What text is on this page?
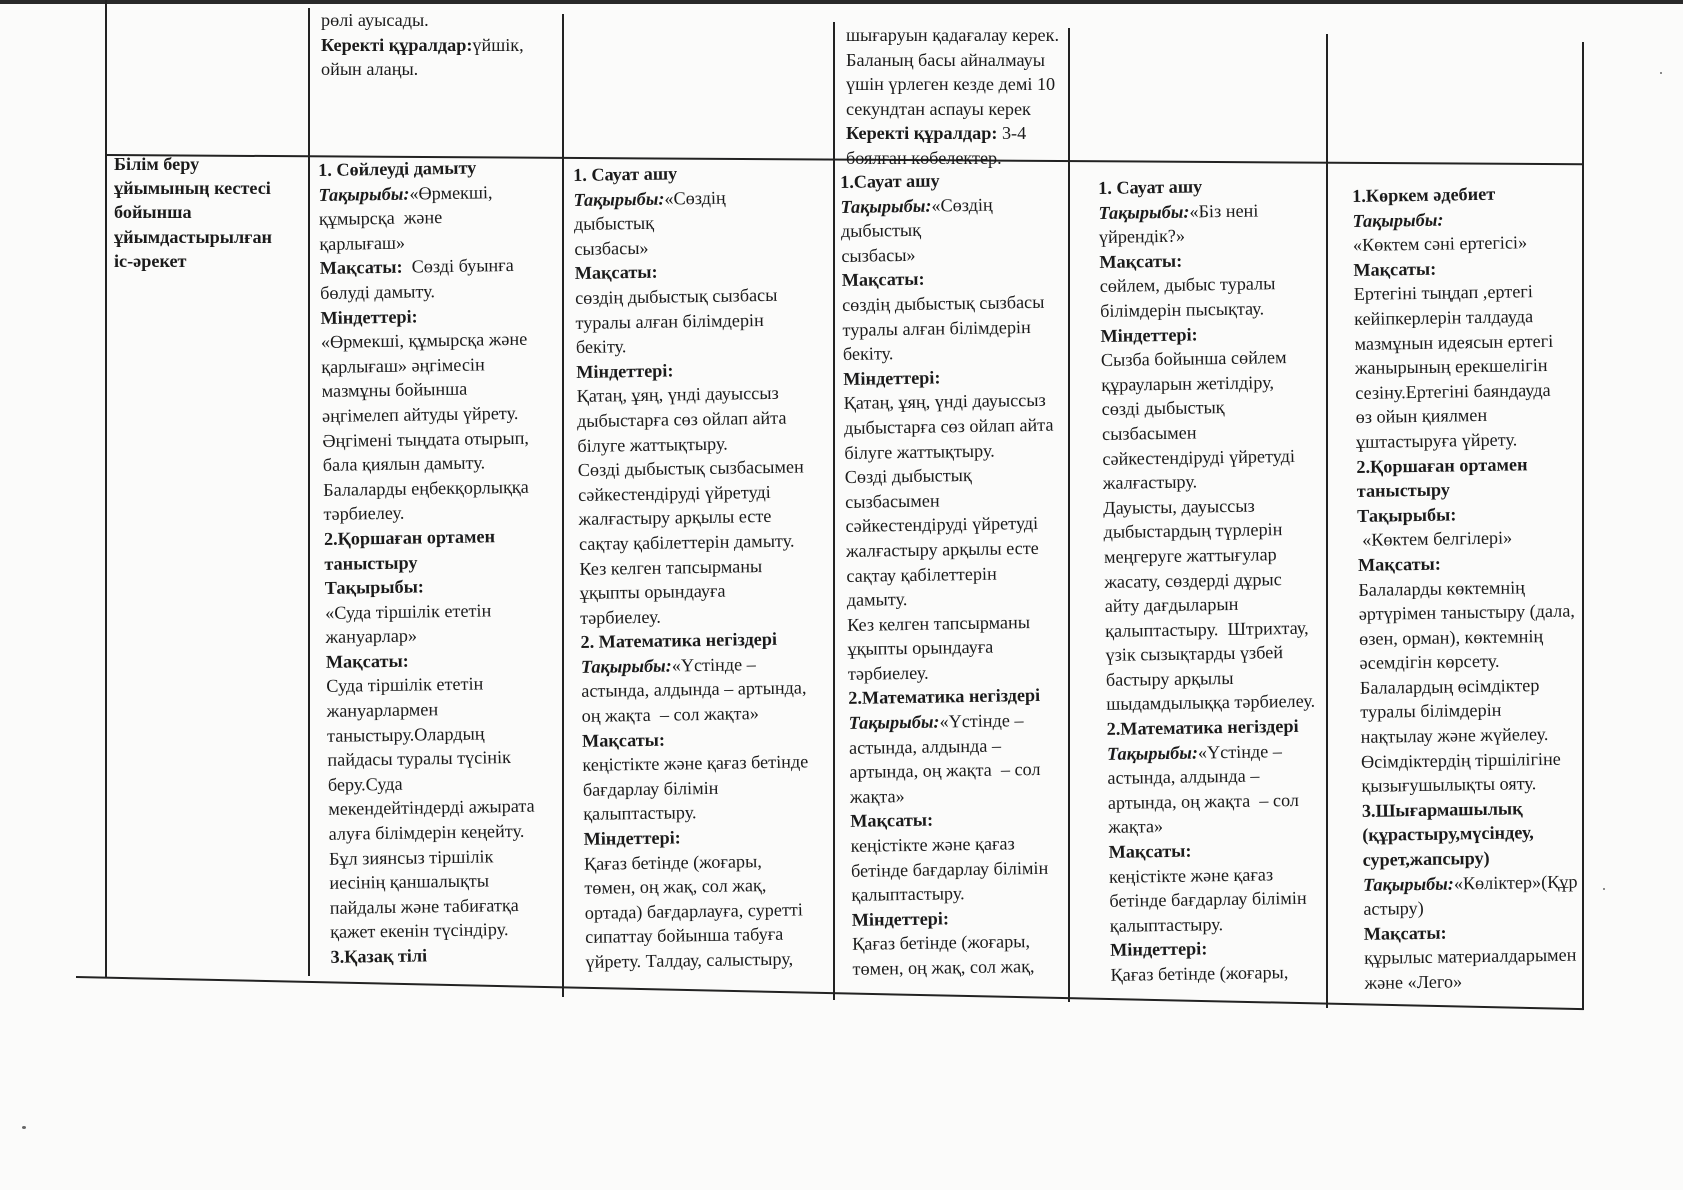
рөлі ауысады.
Керекті құралдар:үйшік,
ойын алаңы.
шығаруын қадағалау керек.
Баланың басы айналмауы
үшін үрлеген кезде демі 10
секундтан аспауы керек
Керекті құралдар: 3-4
боялған көбелектер.
Білім беру
ұйымының кестесі
бойынша
ұйымдастырылған
іс-әрекет
1. Сөйлеуді дамыту
Тақырыбы:«Өрмекші,
құмырсқа  және
қарлығаш»
Мақсаты:  Сөзді буынға
бөлуді дамыту.
Міндеттері:
«Өрмекші, құмырсқа және
қарлығаш» әңгімесін
мазмұны бойынша
әңгімелеп айтуды үйрету.
Әңгімені тыңдата отырып,
бала қиялын дамыту.
Балаларды еңбекқорлыққа
тәрбиелеу.
2.Қоршаған ортамен
таныстыру
Тақырыбы:
«Суда тіршілік ететін
жануарлар»
Мақсаты:
Суда тіршілік ететін
жануарлармен
таныстыру.Олардың
пайдасы туралы түсінік
беру.Суда
мекендейтіндерді ажырата
алуға білімдерін кеңейту.
Бұл зиянсыз тіршілік
иесінің қаншалықты
пайдалы және табиғатқа
қажет екенін түсіндіру.
3.Қазақ тілі
1. Сауат ашу
Тақырыбы:«Сөздің
дыбыстық
сызбасы»
Мақсаты:
сөздің дыбыстық сызбасы
туралы алған білімдерін
бекіту.
Міндеттері:
Қатаң, ұяң, үнді дауыссыз
дыбыстарға сөз ойлап айта
білуге жаттықтыру.
Сөзді дыбыстық сызбасымен
сәйкестендіруді үйретуді
жалғастыру арқылы есте
сақтау қабілеттерін дамыту.
Кез келген тапсырманы
ұқыпты орындауға
тәрбиелеу.
2. Математика негіздері
Тақырыбы:«Үстінде –
астында, алдында – артында,
оң жақта  – сол жақта»
Мақсаты:
кеңістікте және қағаз бетінде
бағдарлау білімін
қалыптастыру.
Міндеттері:
Қағаз бетінде (жоғары,
төмен, оң жақ, сол жақ,
ортада) бағдарлауға, суретті
сипаттау бойынша табуға
үйрету. Талдау, салыстыру,
1.Сауат ашу
Тақырыбы:«Сөздің
дыбыстық
сызбасы»
Мақсаты:
сөздің дыбыстық сызбасы
туралы алған білімдерін
бекіту.
Міндеттері:
Қатаң, ұяң, үнді дауыссыз
дыбыстарға сөз ойлап айта
білуге жаттықтыру.
Сөзді дыбыстық
сызбасымен
сәйкестендіруді үйретуді
жалғастыру арқылы есте
сақтау қабілеттерін
дамыту.
Кез келген тапсырманы
ұқыпты орындауға
тәрбиелеу.
2.Математика негіздері
Тақырыбы:«Үстінде –
астында, алдында –
артында, оң жақта  – сол
жақта»
Мақсаты:
кеңістікте және қағаз
бетінде бағдарлау білімін
қалыптастыру.
Міндеттері:
Қағаз бетінде (жоғары,
төмен, оң жақ, сол жақ,
1. Сауат ашу
Тақырыбы:«Біз нені
үйрендік?»
Мақсаты:
сөйлем, дыбыс туралы
білімдерін пысықтау.
Міндеттері:
Сызба бойынша сөйлем
құрауларын жетілдіру,
сөзді дыбыстық
сызбасымен
сәйкестендіруді үйретуді
жалғастыру.
Дауысты, дауыссыз
дыбыстардың түрлерін
меңгеруге жаттығулар
жасату, сөздерді дұрыс
айту дағдыларын
қалыптастыру.  Штрихтау,
үзік сызықтарды үзбей
бастыру арқылы
шыдамдылыққа тәрбиелеу.
2.Математика негіздері
Тақырыбы:«Үстінде –
астында, алдында –
артында, оң жақта  – сол
жақта»
Мақсаты:
кеңістікте және қағаз
бетінде бағдарлау білімін
қалыптастыру.
Міндеттері:
Қағаз бетінде (жоғары,
1.Көркем әдебиет
Тақырыбы:
«Көктем сәні ертегісі»
Мақсаты:
Ертегіні тыңдап ,ертегі
кейіпкерлерін талдауда
мазмұнын идеясын ертегі
жанырының ерекшелігін
сезіну.Ертегіні баяндауда
өз ойын қиялмен
ұштастыруға үйрету.
2.Қоршаған ортамен
таныстыру
Тақырыбы:
«Көктем белгілері»
Мақсаты:
Балаларды көктемнің
әртүрімен таныстыру (дала,
өзен, орман), көктемнің
әсемдігін көрсету.
Балалардың өсімдіктер
туралы білімдерін
нақтылау және жүйелеу.
Өсімдіктердің тіршілігіне
қызығушылықты ояту.
3.Шығармашылық
(құрастыру,мүсіндеу,
сурет,жапсыру)
Тақырыбы:«Көліктер»(Құр
астыру)
Мақсаты:
құрылыс материалдарымен
және «Лего»
